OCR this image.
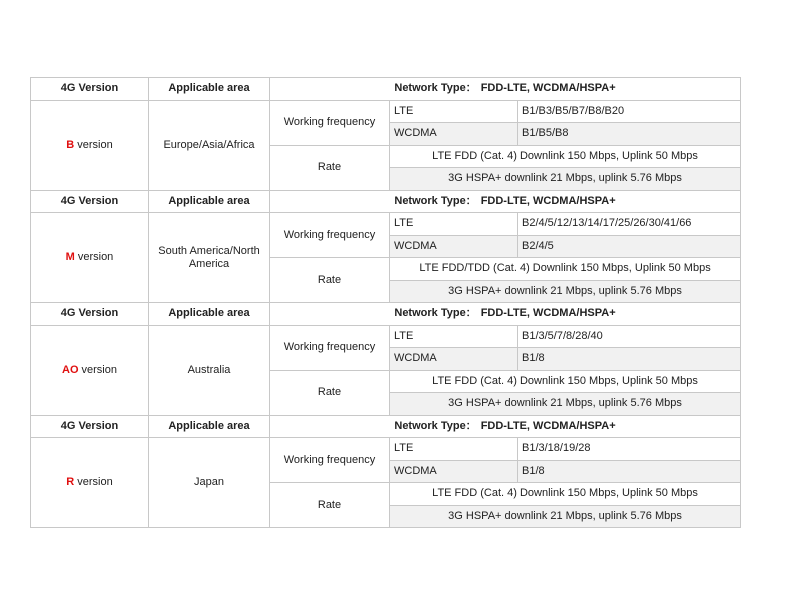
4G Version	Applicable area	Network Type： FDD-LTE, WCDMA/HSPA+		
B version	Europe/Asia/Africa	Working frequency	LTE	B1/B3/B5/B7/B8/B20
			WCDMA	B1/B5/B8
		Rate	LTE FDD (Cat. 4) Downlink 150 Mbps, Uplink 50 Mbps	
			3G HSPA+ downlink 21 Mbps, uplink 5.76 Mbps	
4G Version	Applicable area	Network Type： FDD-LTE, WCDMA/HSPA+		
M version	South America/North America	Working frequency	LTE	B2/4/5/12/13/14/17/25/26/30/41/66
			WCDMA	B2/4/5
		Rate	LTE FDD/TDD (Cat. 4) Downlink 150 Mbps, Uplink 50 Mbps	
			3G HSPA+ downlink 21 Mbps, uplink 5.76 Mbps	
4G Version	Applicable area	Network Type： FDD-LTE, WCDMA/HSPA+		
AO version	Australia	Working frequency	LTE	B1/3/5/7/8/28/40
			WCDMA	B1/8
		Rate	LTE FDD (Cat. 4) Downlink 150 Mbps, Uplink 50 Mbps	
			3G HSPA+ downlink 21 Mbps, uplink 5.76 Mbps	
4G Version	Applicable area	Network Type： FDD-LTE, WCDMA/HSPA+		
R version	Japan	Working frequency	LTE	B1/3/18/19/28
			WCDMA	B1/8
		Rate	LTE FDD (Cat. 4) Downlink 150 Mbps, Uplink 50 Mbps	
			3G HSPA+ downlink 21 Mbps, uplink 5.76 Mbps	
